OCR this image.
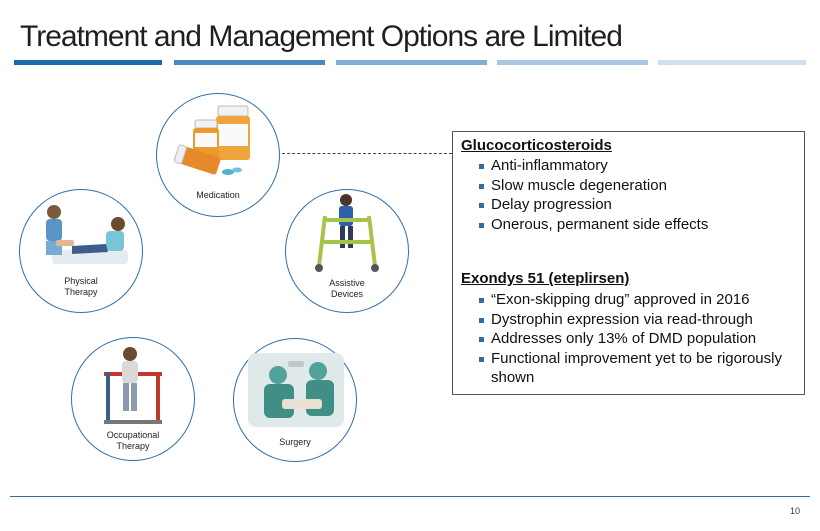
Treatment and Management Options are Limited
Medication
Physical
Therapy
Assistive
Devices
Occupational
Therapy	Surgery
Glucocorticosteroids
Anti-inflammatory
Slow muscle degeneration
Delay progression
Onerous, permanent side effects
Exondys 51 (eteplirsen)
“Exon-skipping drug” approved in 2016
Dystrophin expression via read-through
Addresses only 13% of DMD population
Functional improvement yet to be rigorously shown
10
